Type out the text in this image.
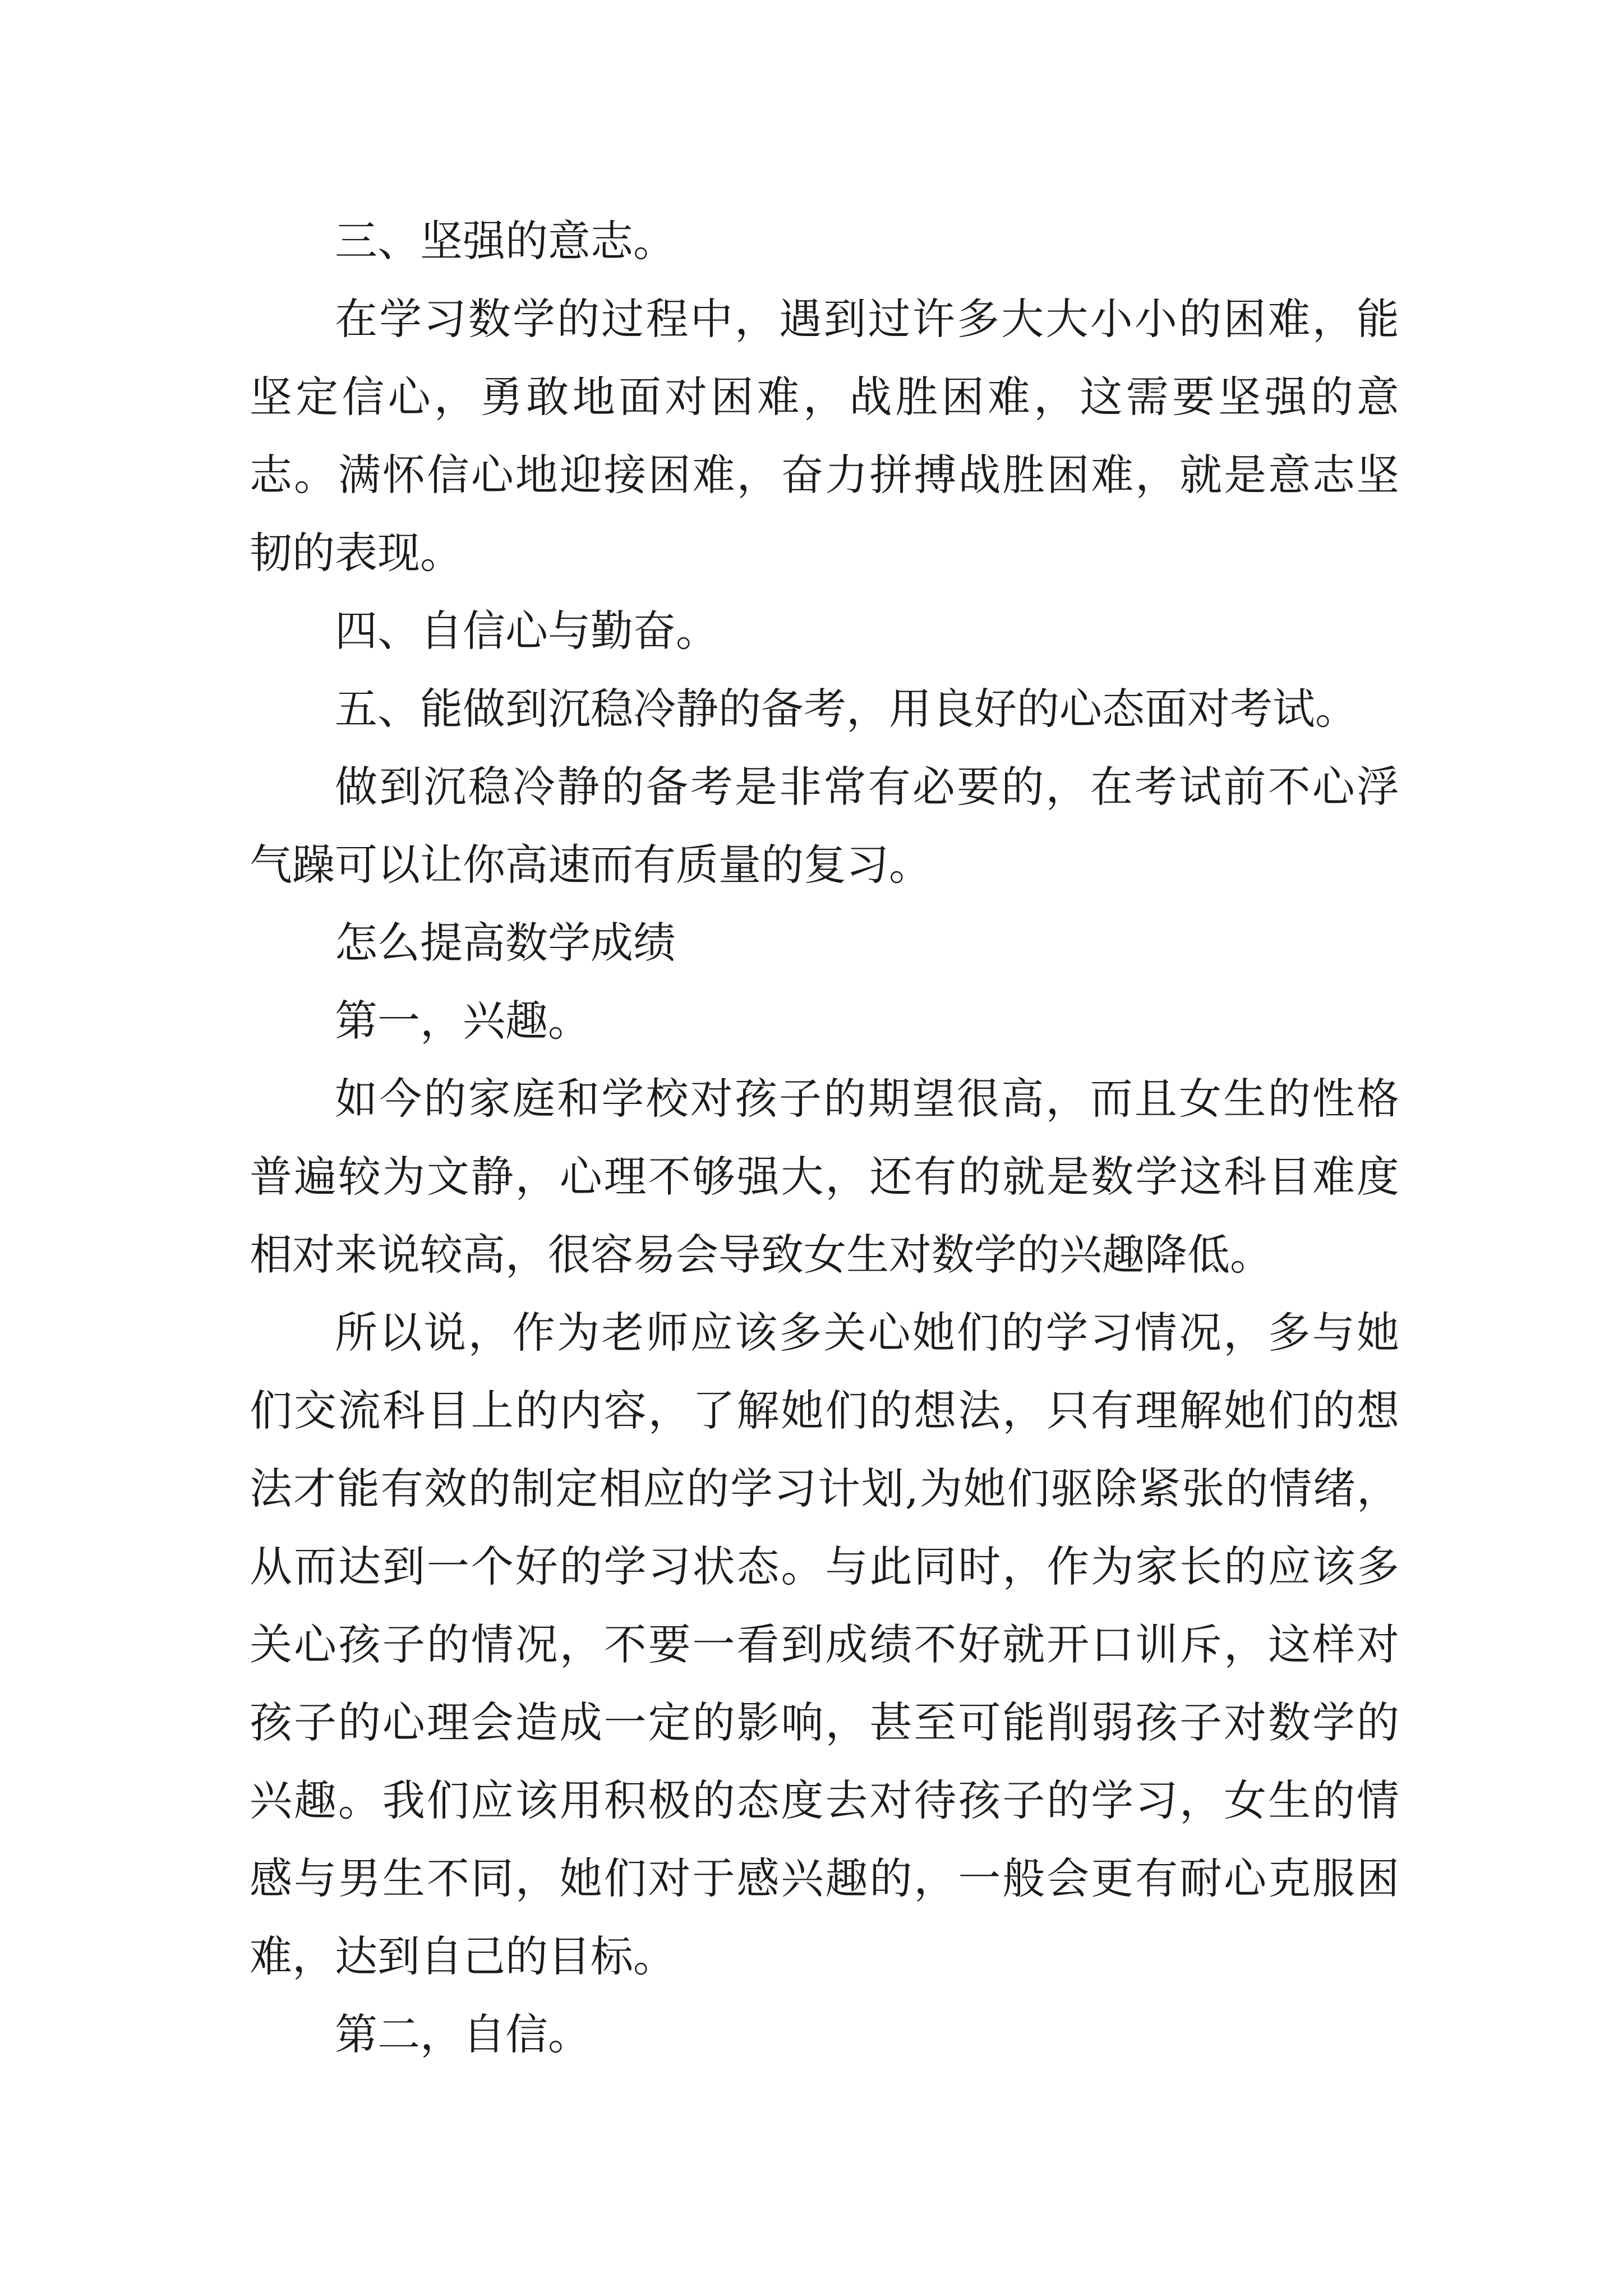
三、坚强的意志。

在学习数学的过程中，遇到过许多大大小小的困难，能坚定信心，勇敢地面对困难，战胜困难，这需要坚强的意志。满怀信心地迎接困难，奋力拼搏战胜困难，就是意志坚韧的表现。

四、自信心与勤奋。

五、能做到沉稳冷静的备考，用良好的心态面对考试。

做到沉稳冷静的备考是非常有必要的，在考试前不心浮气躁可以让你高速而有质量的复习。

怎么提高数学成绩

第一，兴趣。

如今的家庭和学校对孩子的期望很高，而且女生的性格普遍较为文静，心理不够强大，还有的就是数学这科目难度相对来说较高，很容易会导致女生对数学的兴趣降低。

所以说，作为老师应该多关心她们的学习情况，多与她们交流科目上的内容，了解她们的想法，只有理解她们的想法才能有效的制定相应的学习计划,为她们驱除紧张的情绪，从而达到一个好的学习状态。与此同时，作为家长的应该多关心孩子的情况，不要一看到成绩不好就开口训斥，这样对孩子的心理会造成一定的影响，甚至可能削弱孩子对数学的兴趣。我们应该用积极的态度去对待孩子的学习，女生的情感与男生不同，她们对于感兴趣的，一般会更有耐心克服困难，达到自己的目标。

第二，自信。
